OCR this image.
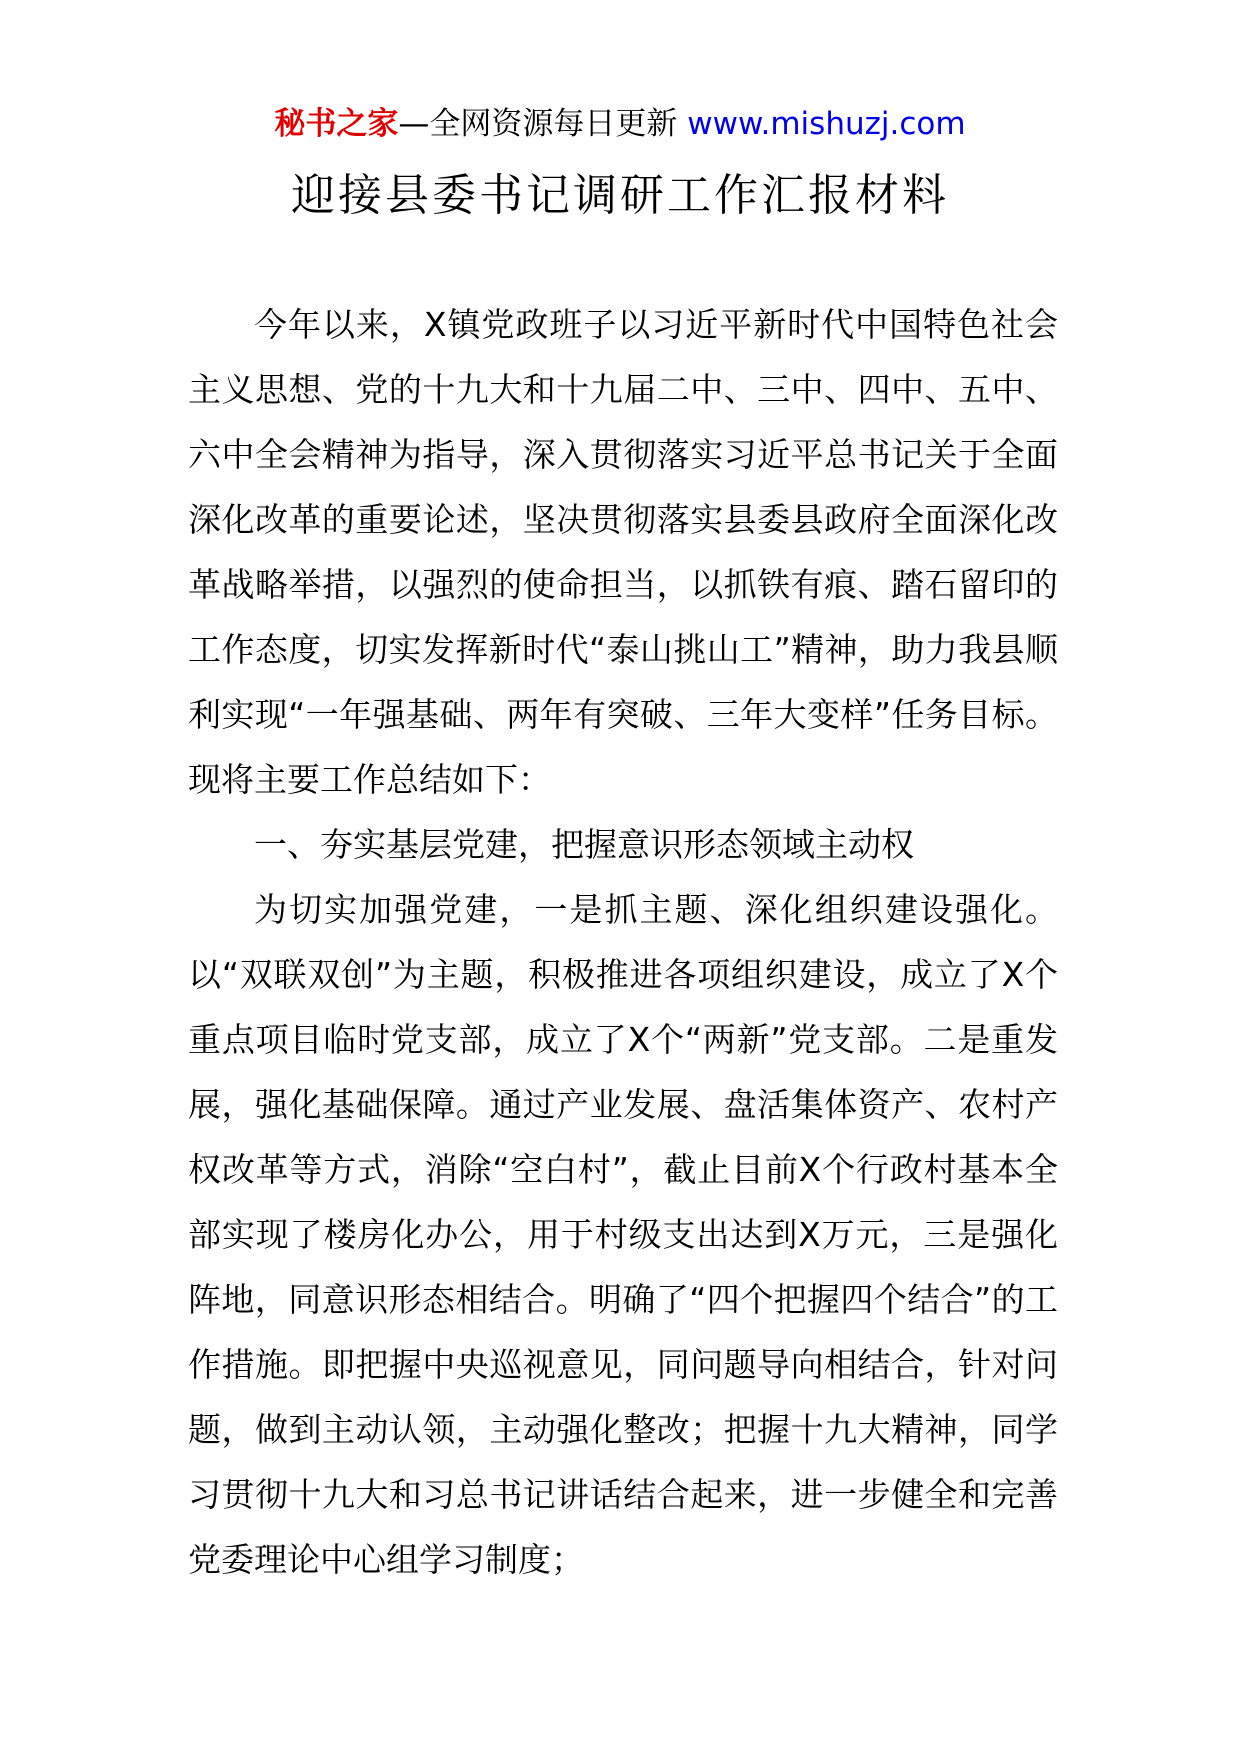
秘书之家—全网资源每日更新 www.mishuzj.com
迎接县委书记调研工作汇报材料

今年以来，X镇党政班子以习近平新时代中国特色社会主义思想、党的十九大和十九届二中、三中、四中、五中、六中全会精神为指导，深入贯彻落实习近平总书记关于全面深化改革的重要论述，坚决贯彻落实县委县政府全面深化改革战略举措，以强烈的使命担当，以抓铁有痕、踏石留印的工作态度，切实发挥新时代“泰山挑山工”精神，助力我县顺利实现“一年强基础、两年有突破、三年大变样”任务目标。现将主要工作总结如下：

一、夯实基层党建，把握意识形态领域主动权

为切实加强党建，一是抓主题、深化组织建设强化。以“双联双创”为主题，积极推进各项组织建设，成立了X个重点项目临时党支部，成立了X个“两新”党支部。二是重发展，强化基础保障。通过产业发展、盘活集体资产、农村产权改革等方式，消除“空白村”，截止目前X个行政村基本全部实现了楼房化办公，用于村级支出达到X万元，三是强化阵地，同意识形态相结合。明确了“四个把握四个结合”的工作措施。即把握中央巡视意见，同问题导向相结合，针对问题，做到主动认领，主动强化整改；把握十九大精神，同学习贯彻十九大和习总书记讲话结合起来，进一步健全和完善党委理论中心组学习制度；
